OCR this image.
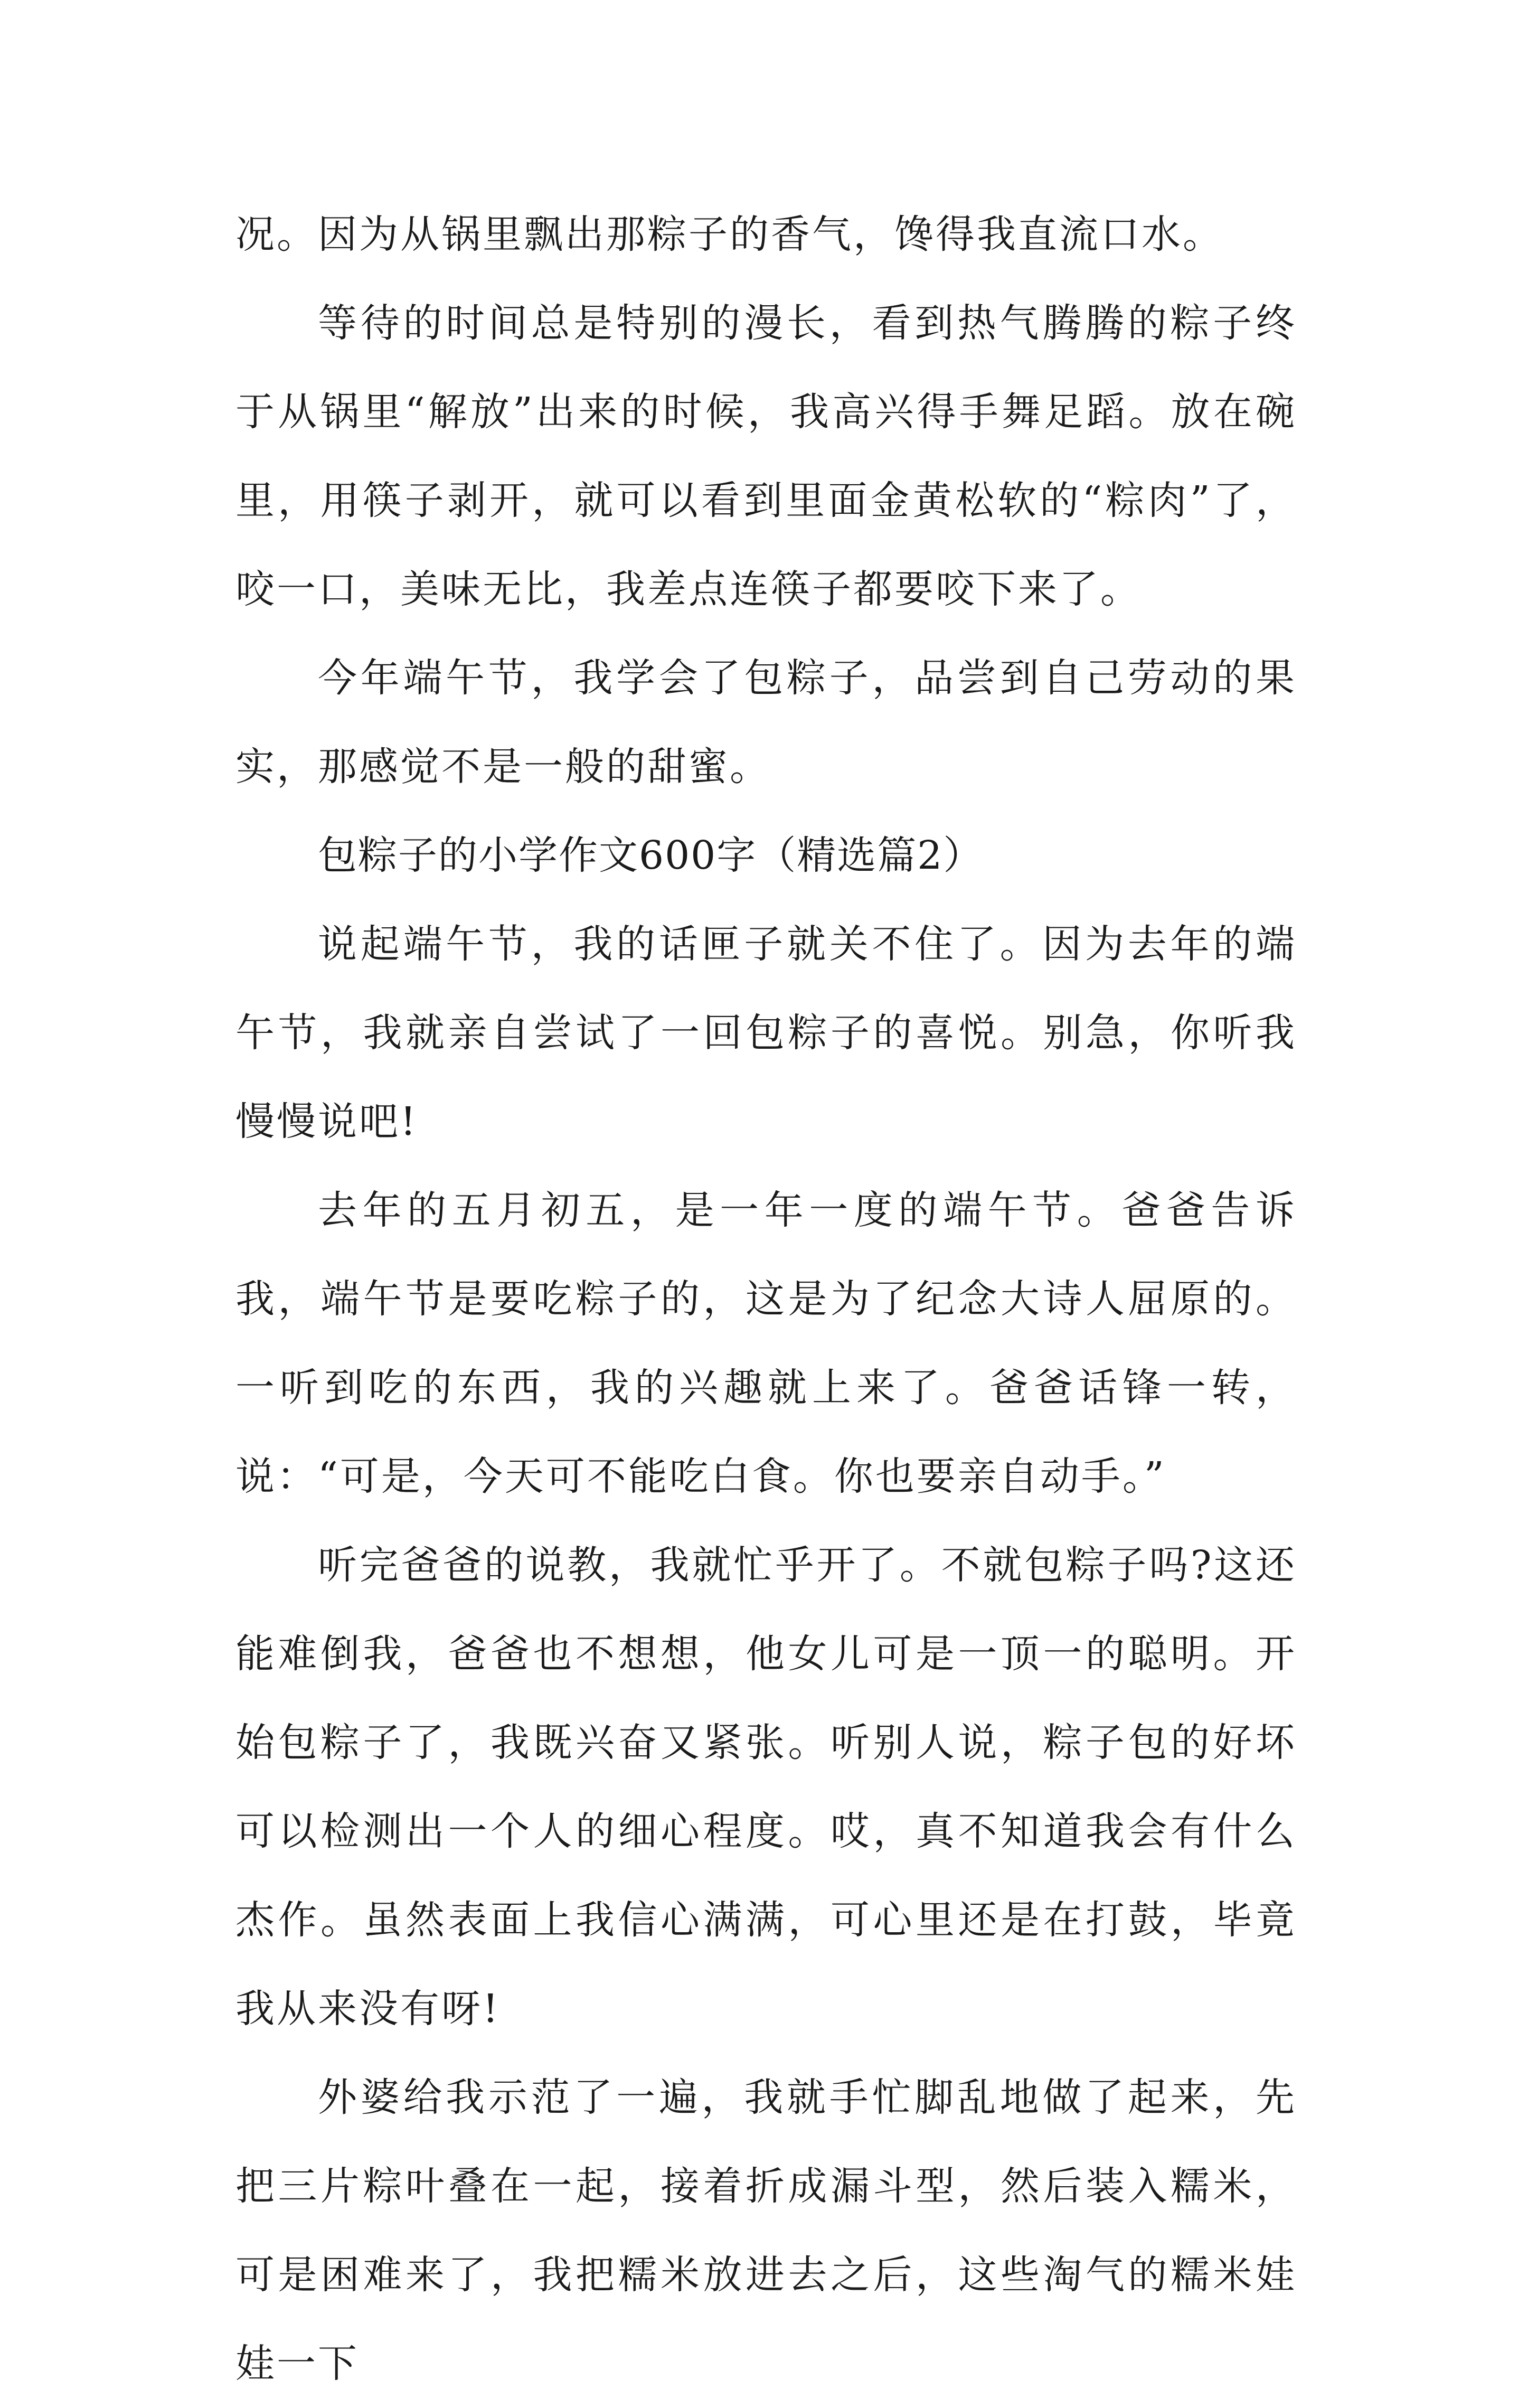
况。因为从锅里飘出那粽子的香气，馋得我直流口水。

等待的时间总是特别的漫长，看到热气腾腾的粽子终于从锅里“解放”出来的时候，我高兴得手舞足蹈。放在碗里，用筷子剥开，就可以看到里面金黄松软的“粽肉”了，咬一口，美味无比，我差点连筷子都要咬下来了。

今年端午节，我学会了包粽子，品尝到自己劳动的果实，那感觉不是一般的甜蜜。

包粽子的小学作文600字（精选篇2）

说起端午节，我的话匣子就关不住了。因为去年的端午节，我就亲自尝试了一回包粽子的喜悦。别急，你听我慢慢说吧!

去年的五月初五，是一年一度的端午节。爸爸告诉我，端午节是要吃粽子的，这是为了纪念大诗人屈原的。一听到吃的东西，我的兴趣就上来了。爸爸话锋一转，说：“可是，今天可不能吃白食。你也要亲自动手。”

听完爸爸的说教，我就忙乎开了。不就包粽子吗?这还能难倒我，爸爸也不想想，他女儿可是一顶一的聪明。开始包粽子了，我既兴奋又紧张。听别人说，粽子包的好坏可以检测出一个人的细心程度。哎，真不知道我会有什么杰作。虽然表面上我信心满满，可心里还是在打鼓，毕竟我从来没有呀!

外婆给我示范了一遍，我就手忙脚乱地做了起来，先把三片粽叶叠在一起，接着折成漏斗型，然后装入糯米，可是困难来了，我把糯米放进去之后，这些淘气的糯米娃娃一下
